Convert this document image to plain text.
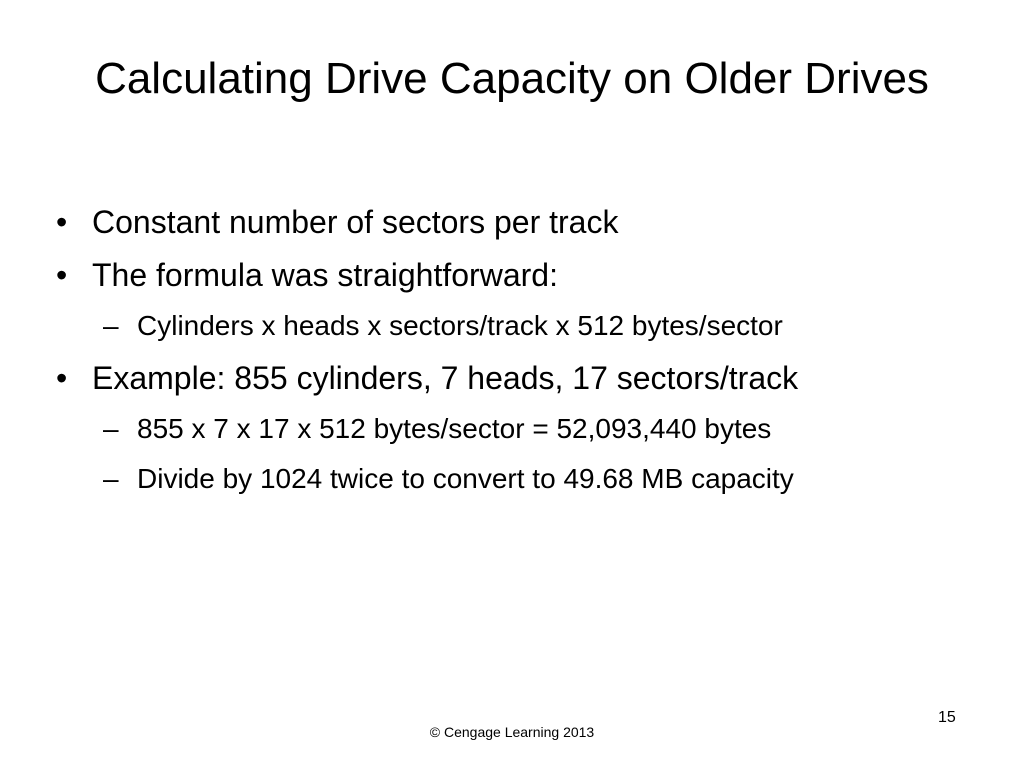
Calculating Drive Capacity on Older Drives
• Constant number of sectors per track
• The formula was straightforward:
– Cylinders x heads x sectors/track x 512 bytes/sector
• Example: 855 cylinders, 7 heads, 17 sectors/track
– 855 x 7 x 17 x 512 bytes/sector = 52,093,440 bytes
– Divide by 1024 twice to convert to 49.68 MB capacity
15
© Cengage Learning 2013
